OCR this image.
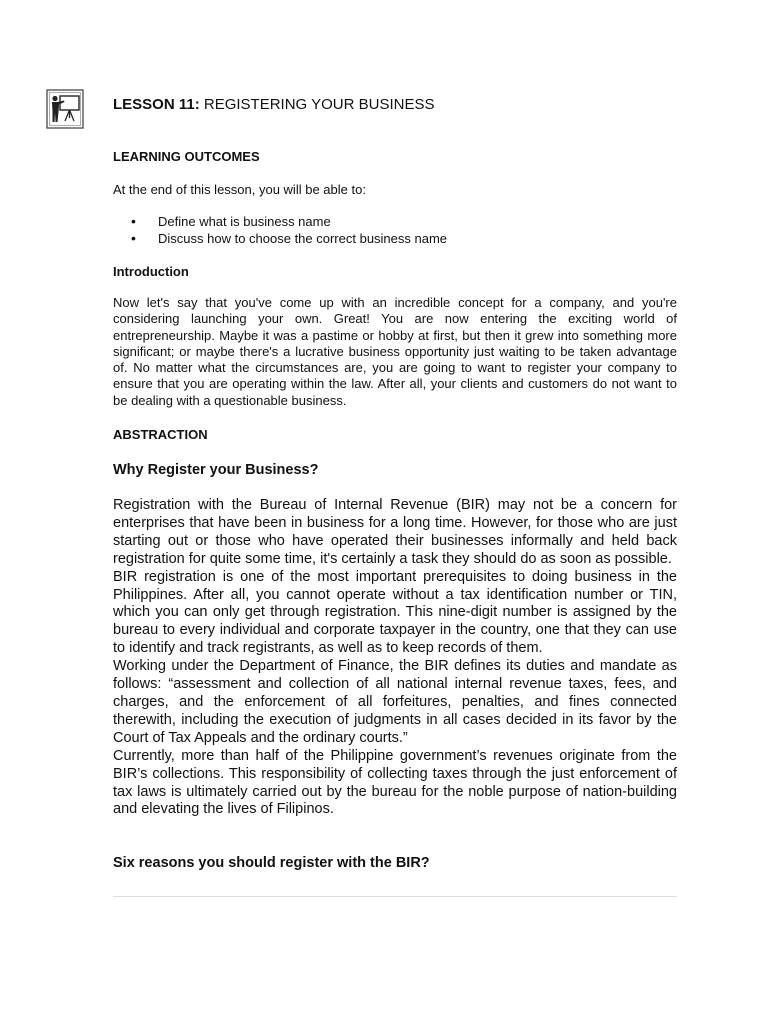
LESSON 11: REGISTERING YOUR BUSINESS
LEARNING OUTCOMES
At the end of this lesson, you will be able to:
• Define what is business name
• Discuss how to choose the correct business name
Introduction

Now let's say that you've come up with an incredible concept for a company, and you're considering launching your own. Great! You are now entering the exciting world of entrepreneurship. Maybe it was a pastime or hobby at first, but then it grew into something more significant; or maybe there's a lucrative business opportunity just waiting to be taken advantage of. No matter what the circumstances are, you are going to want to register your company to ensure that you are operating within the law. After all, your clients and customers do not want to be dealing with a questionable business.

ABSTRACTION
Why Register your Business?

Registration with the Bureau of Internal Revenue (BIR) may not be a concern for enterprises that have been in business for a long time. However, for those who are just starting out or those who have operated their businesses informally and held back registration for quite some time, it's certainly a task they should do as soon as possible.

BIR registration is one of the most important prerequisites to doing business in the Philippines. After all, you cannot operate without a tax identification number or TIN, which you can only get through registration. This nine-digit number is assigned by the bureau to every individual and corporate taxpayer in the country, one that they can use to identify and track registrants, as well as to keep records of them.

Working under the Department of Finance, the BIR defines its duties and mandate as follows: “assessment and collection of all national internal revenue taxes, fees, and charges, and the enforcement of all forfeitures, penalties, and fines connected therewith, including the execution of judgments in all cases decided in its favor by the Court of Tax Appeals and the ordinary courts.”

Currently, more than half of the Philippine government’s revenues originate from the BIR’s collections. This responsibility of collecting taxes through the just enforcement of tax laws is ultimately carried out by the bureau for the noble purpose of nation-building and elevating the lives of Filipinos.

Six reasons you should register with the BIR?
